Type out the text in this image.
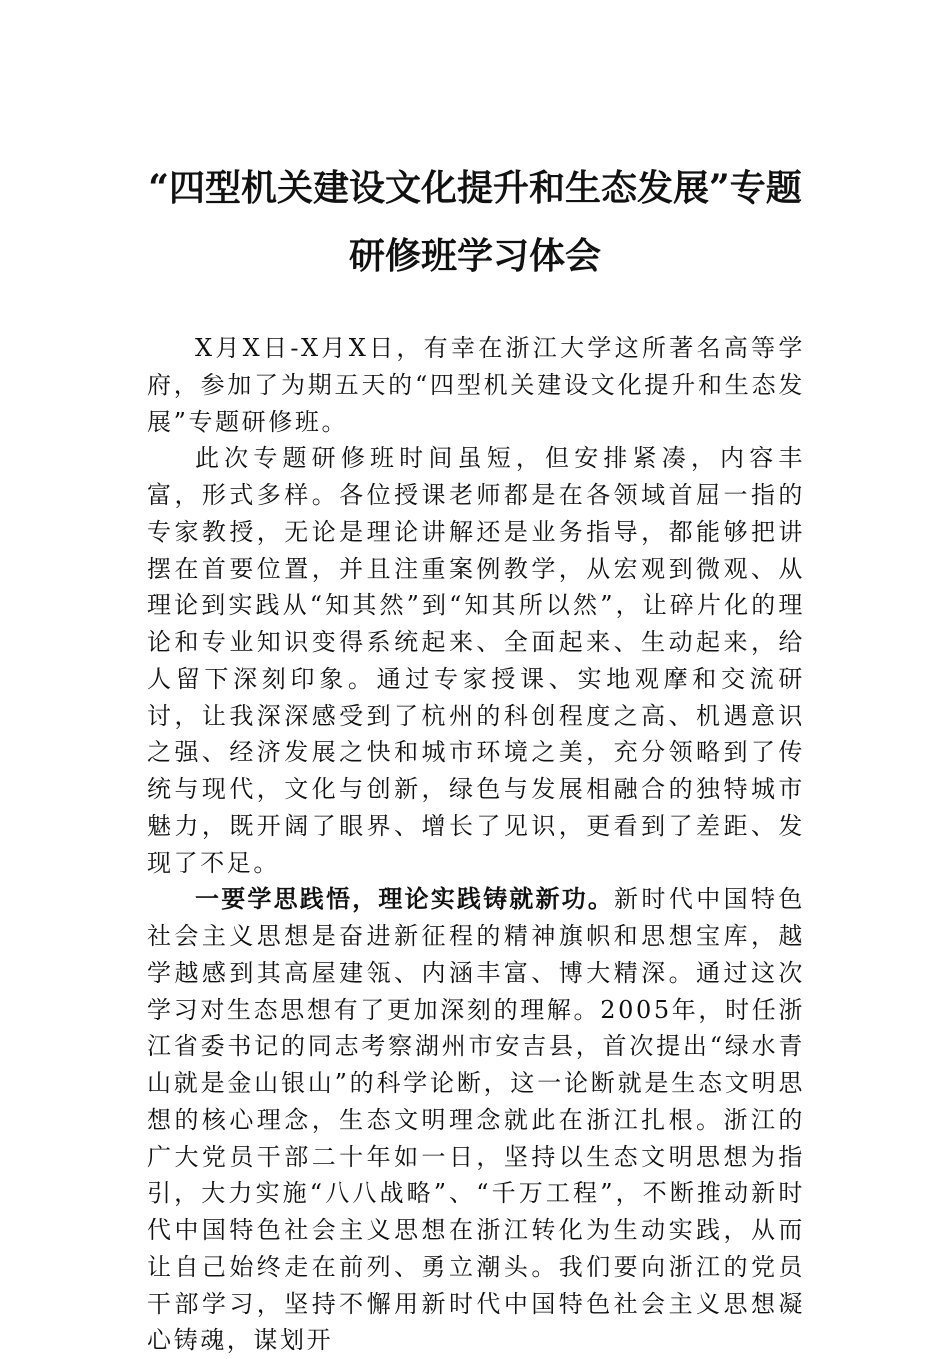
“四型机关建设文化提升和生态发展”专题
研修班学习体会

X月X日-X月X日，有幸在浙江大学这所著名高等学府，参加了为期五天的“四型机关建设文化提升和生态发展”专题研修班。

此次专题研修班时间虽短，但安排紧凑，内容丰富，形式多样。各位授课老师都是在各领域首屈一指的专家教授，无论是理论讲解还是业务指导，都能够把讲摆在首要位置，并且注重案例教学，从宏观到微观、从理论到实践从“知其然”到“知其所以然”，让碎片化的理论和专业知识变得系统起来、全面起来、生动起来，给人留下深刻印象。通过专家授课、实地观摩和交流研讨，让我深深感受到了杭州的科创程度之高、机遇意识之强、经济发展之快和城市环境之美，充分领略到了传统与现代，文化与创新，绿色与发展相融合的独特城市魅力，既开阔了眼界、增长了见识，更看到了差距、发现了不足。

一要学思践悟，理论实践铸就新功。新时代中国特色社会主义思想是奋进新征程的精神旗帜和思想宝库，越学越感到其高屋建瓴、内涵丰富、博大精深。通过这次学习对生态思想有了更加深刻的理解。2005年，时任浙江省委书记的同志考察湖州市安吉县，首次提出“绿水青山就是金山银山”的科学论断，这一论断就是生态文明思想的核心理念，生态文明理念就此在浙江扎根。浙江的广大党员干部二十年如一日，坚持以生态文明思想为指引，大力实施“八八战略”、“千万工程”，不断推动新时代中国特色社会主义思想在浙江转化为生动实践，从而让自己始终走在前列、勇立潮头。我们要向浙江的党员干部学习，坚持不懈用新时代中国特色社会主义思想凝心铸魂，谋划开
